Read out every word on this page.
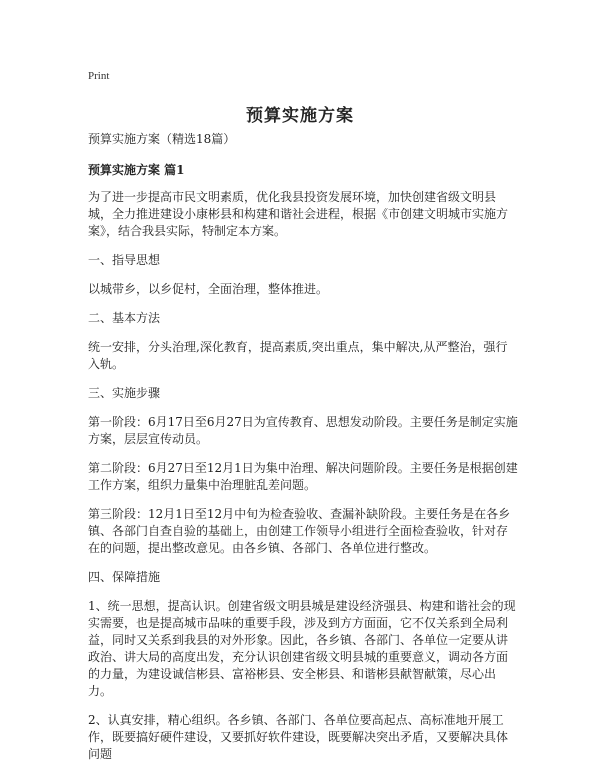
Print
预算实施方案

预算实施方案（精选18篇）

预算实施方案 篇1

为了进一步提高市民文明素质，优化我县投资发展环境，加快创建省级文明县城，全力推进建设小康彬县和构建和谐社会进程，根据《市创建文明城市实施方案》，结合我县实际，特制定本方案。

一、指导思想

以城带乡，以乡促村，全面治理，整体推进。

二、基本方法

统一安排，分头治理,深化教育，提高素质,突出重点，集中解决,从严整治，强行入轨。

三、实施步骤

第一阶段：6月17日至6月27日为宣传教育、思想发动阶段。主要任务是制定实施方案，层层宣传动员。

第二阶段：6月27日至12月1日为集中治理、解决问题阶段。主要任务是根据创建工作方案，组织力量集中治理脏乱差问题。

第三阶段：12月1日至12月中旬为检查验收、查漏补缺阶段。主要任务是在各乡镇、各部门自查自验的基础上，由创建工作领导小组进行全面检查验收，针对存在的问题，提出整改意见。由各乡镇、各部门、各单位进行整改。

四、保障措施

1、统一思想，提高认识。创建省级文明县城是建设经济强县、构建和谐社会的现实需要，也是提高城市品味的重要手段，涉及到方方面面，它不仅关系到全局利益，同时又关系到我县的对外形象。因此，各乡镇、各部门、各单位一定要从讲政治、讲大局的高度出发，充分认识创建省级文明县城的重要意义，调动各方面的力量，为建设诚信彬县、富裕彬县、安全彬县、和谐彬县献智献策，尽心出力。

2、认真安排，精心组织。各乡镇、各部门、各单位要高起点、高标准地开展工作，既要搞好硬件建设，又要抓好软件建设，既要解决突出矛盾，又要解决具体问题
